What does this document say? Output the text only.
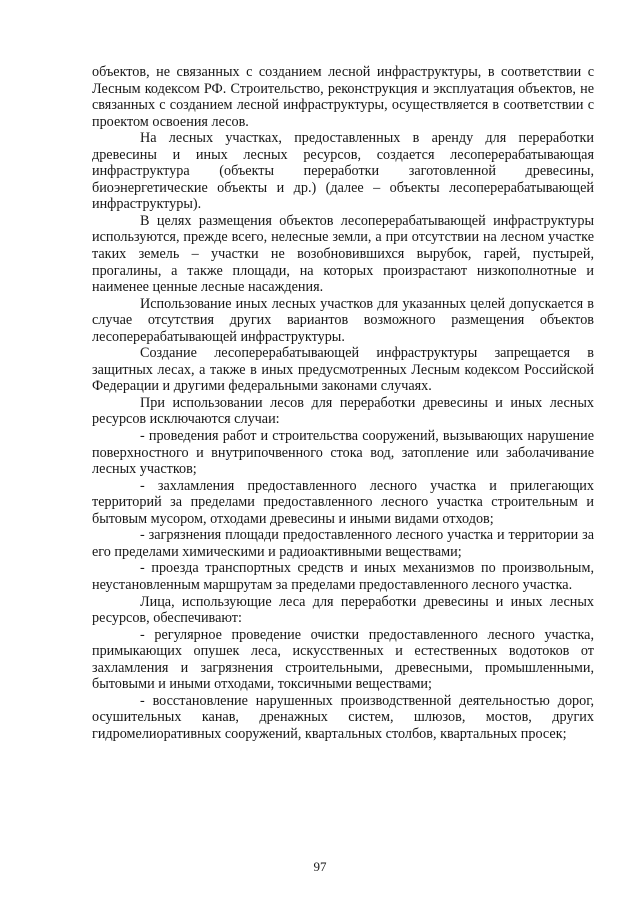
объектов, не связанных с созданием лесной инфраструктуры, в соответствии с Лесным кодексом РФ. Строительство, реконструкция и эксплуатация объектов, не связанных с созданием лесной инфраструктуры, осуществляется в соответствии с проектом освоения лесов.

На лесных участках, предоставленных в аренду для переработки древесины и иных лесных ресурсов, создается лесоперерабатывающая инфраструктура (объекты переработки заготовленной древесины, биоэнергетические объекты и др.) (далее – объекты лесоперерабатывающей инфраструктуры).

В целях размещения объектов лесоперерабатывающей инфраструктуры используются, прежде всего, нелесные земли, а при отсутствии на лесном участке таких земель – участки не возобновившихся вырубок, гарей, пустырей, прогалины, а также площади, на которых произрастают низкополнотные и наименее ценные лесные насаждения.

Использование иных лесных участков для указанных целей допускается в случае отсутствия других вариантов возможного размещения объектов лесоперерабатывающей инфраструктуры.

Создание лесоперерабатывающей инфраструктуры запрещается в защитных лесах, а также в иных предусмотренных Лесным кодексом Российской Федерации и другими федеральными законами случаях.

При использовании лесов для переработки древесины и иных лесных ресурсов исключаются случаи:

- проведения работ и строительства сооружений, вызывающих нарушение поверхностного и внутрипочвенного стока вод, затопление или заболачивание лесных участков;

- захламления предоставленного лесного участка и прилегающих территорий за пределами предоставленного лесного участка строительным и бытовым мусором, отходами древесины и иными видами отходов;

- загрязнения площади предоставленного лесного участка и территории за его пределами химическими и радиоактивными веществами;

- проезда транспортных средств и иных механизмов по произвольным, неустановленным маршрутам за пределами предоставленного лесного участка.

Лица, использующие леса для переработки древесины и иных лесных ресурсов, обеспечивают:

- регулярное проведение очистки предоставленного лесного участка, примыкающих опушек леса, искусственных и естественных водотоков от захламления и загрязнения строительными, древесными, промышленными, бытовыми и иными отходами, токсичными веществами;

- восстановление нарушенных производственной деятельностью дорог, осушительных канав, дренажных систем, шлюзов, мостов, других гидромелиоративных сооружений, квартальных столбов, квартальных просек;

97
